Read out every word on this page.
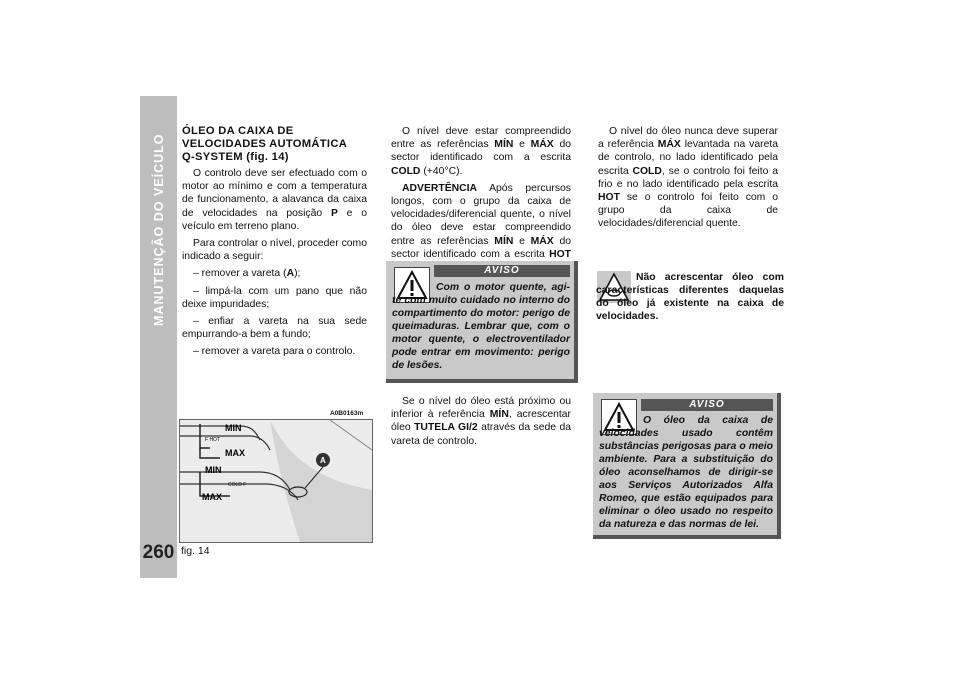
MANUTENÇÃO DO VEÍCULO
260
ÓLEO DA CAIXA DE
VELOCIDADES AUTOMÁTICA
Q-SYSTEM (fig. 14)

O controlo deve ser efectuado com o motor ao mínimo e com a temperatura de funcionamento, a alavanca da caixa de velocidades na posição P e o veículo em terreno plano.

Para controlar o nível, proceder como indicado a seguir:

– remover a vareta (A);

– limpá-la com um pano que não deixe impuridades;

– enfiar a vareta na sua sede empurrando-a bem a fundo;

– remover a vareta para o controlo.

A0B0163m
MIN
F HOT
MAX
MIN
COLD F
MAX
A
fig. 14

O nível deve estar compreendido entre as referências MÍN e MÁX do sector identificado com a escrita COLD (+40°C).

ADVERTÊNCIA Após percursos longos, com o grupo da caixa de velocidades/diferencial quente, o nível do óleo deve estar compreendido entre as referências MÍN e MÁX do sector identificado com a escrita HOT

AVISO
Com o motor quente, agi-te com muito cuidado no interno do compartimento do motor: perigo de queimaduras. Lembrar que, com o motor quente, o electroventilador pode entrar em movimento: perigo de lesões.

Se o nível do óleo está próximo ou inferior à referência MÍN, acrescentar óleo TUTELA GI/2 através da sede da vareta de controlo.

O nível do óleo nunca deve superar a referência MÁX levantada na vareta de controlo, no lado identificado pela escrita COLD, se o controlo foi feito a frio e no lado identificado pela escrita HOT se o controlo foi feito com o grupo da caixa de velocidades/diferencial quente.

Não acrescentar óleo com características diferentes daquelas do óleo já existente na caixa de velocidades.
AVISO
O óleo da caixa de velocidades usado contêm substâncias perigosas para o meio ambiente. Para a substituição do óleo aconselhamos de dirigir-se aos Serviços Autorizados Alfa Romeo, que estão equipados para eliminar o óleo usado no respeito da natureza e das normas de lei.
